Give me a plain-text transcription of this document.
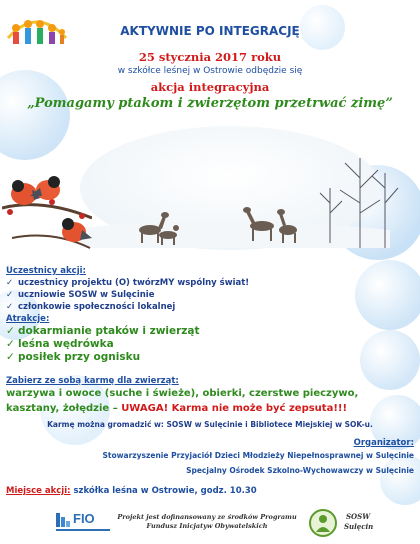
AKTYWNIE PO INTEGRACJĘ
25 stycznia 2017 roku
w szkółce leśnej w Ostrowie odbędzie się
akcja integracyjna
„Pomagamy ptakom i zwierzętom przetrwać zimę”
Uczestnicy akcji:
✓ uczestnicy projektu (O) twórzMY wspólny świat!
✓ uczniowie SOSW w Sulęcinie
✓ członkowie społeczności lokalnej
Atrakcje:
✓ dokarmianie ptaków i zwierząt
✓ leśna wędrówka
✓ posiłek przy ognisku
Zabierz ze sobą karmę dla zwierząt:
warzywa i owoce (suche i świeże), obierki, czerstwe pieczywo,
kasztany, żołędzie – UWAGA! Karma nie może być zepsuta!!!
Karmę można gromadzić w: SOSW w Sulęcinie i Bibliotece Miejskiej w SOK-u.
Organizator:
Stowarzyszenie Przyjaciół Dzieci Młodzieży Niepełnosprawnej w Sulęcinie
Specjalny Ośrodek Szkolno-Wychowawczy w Sulęcinie
Miejsce akcji: szkółka leśna w Ostrowie, godz. 10.30
FIO	Projekt jest dofinansowany ze środków Programu Fundusz Inicjatyw Obywatelskich
SOSW
Sulęcin
